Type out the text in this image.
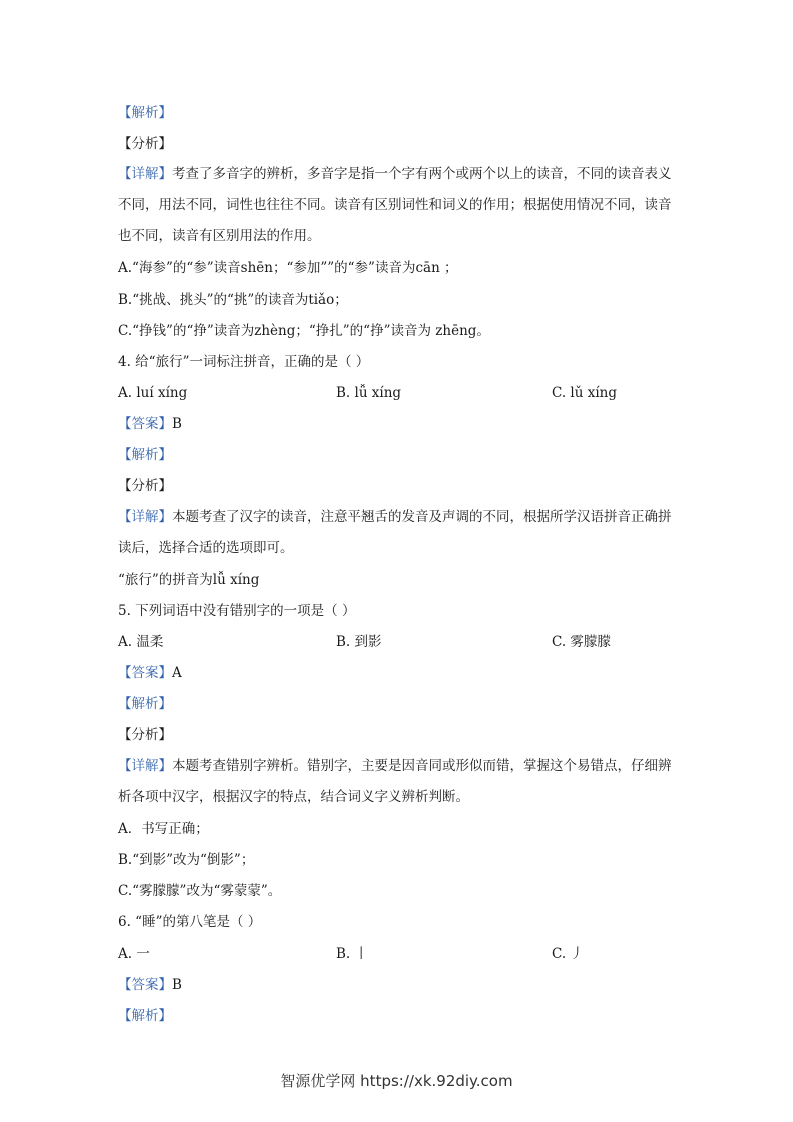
【解析】
【分析】
【详解】考查了多音字的辨析，多音字是指一个字有两个或两个以上的读音，不同的读音表义不同，用法不同，词性也往往不同。读音有区别词性和词义的作用；根据使用情况不同，读音也不同，读音有区别用法的作用。
A.“海参”的“参”读音shēn；“参加””的“参”读音为cān ；
B.“挑战、挑头”的“挑”的读音为tiǎo；
C.“挣钱”的“挣”读音为zhèng；“挣扎”的“挣”读音为 zhēng。
4. 给“旅行”一词标注拼音，正确的是（ ）
A. luí xíng	B. lǚ xíng	C. lǔ xíng
【答案】B
【解析】
【分析】
【详解】本题考查了汉字的读音，注意平翘舌的发音及声调的不同，根据所学汉语拼音正确拼读后，选择合适的选项即可。
“旅行”的拼音为lǚ xíng
5. 下列词语中没有错别字的一项是（ ）
A. 温柔	B. 到影	C. 雾朦朦
【答案】A
【解析】
【分析】
【详解】本题考查错别字辨析。错别字，主要是因音同或形似而错，掌握这个易错点，仔细辨析各项中汉字，根据汉字的特点，结合词义字义辨析判断。
A．书写正确；
B.“到影”改为“倒影”；
C.“雾朦朦”改为“雾蒙蒙”。
6. “睡”的第八笔是（ ）
A. 一	B. 丨	C. 丿
【答案】B
【解析】
智源优学网 https://xk.92diy.com
